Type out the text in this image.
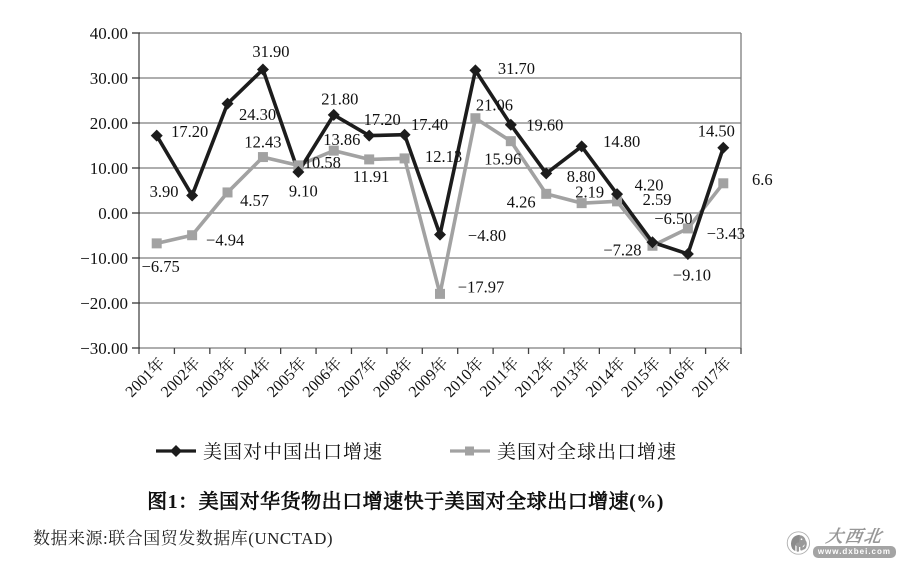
40.00
30.00
20.00
10.00
0.00
−10.00
−20.00
−30.00
2001年
2002年
2003年
2004年
2005年
2006年
2007年
2008年
2009年
2010年
2011年
2012年
2013年
2014年
2015年
2016年
2017年
17.20
3.90
24.30
31.90
9.10
21.80
17.20 17.40
−4.80
31.70
19.60
8.80
14.80
4.20
−6.50
−9.10
14.50
−6.75
−4.94
4.57
12.43
10.58
13.86
11.91
12.13
−17.97
21.06
15.96
4.26
2.19 2.59
−7.28
−3.43
6.6
美国对中国出口增速	美国对全球出口增速
图1：美国对华货物出口增速快于美国对全球出口增速(%)
数据来源:联合国贸发数据库(UNCTAD)	大西北
www.dxbei.com
